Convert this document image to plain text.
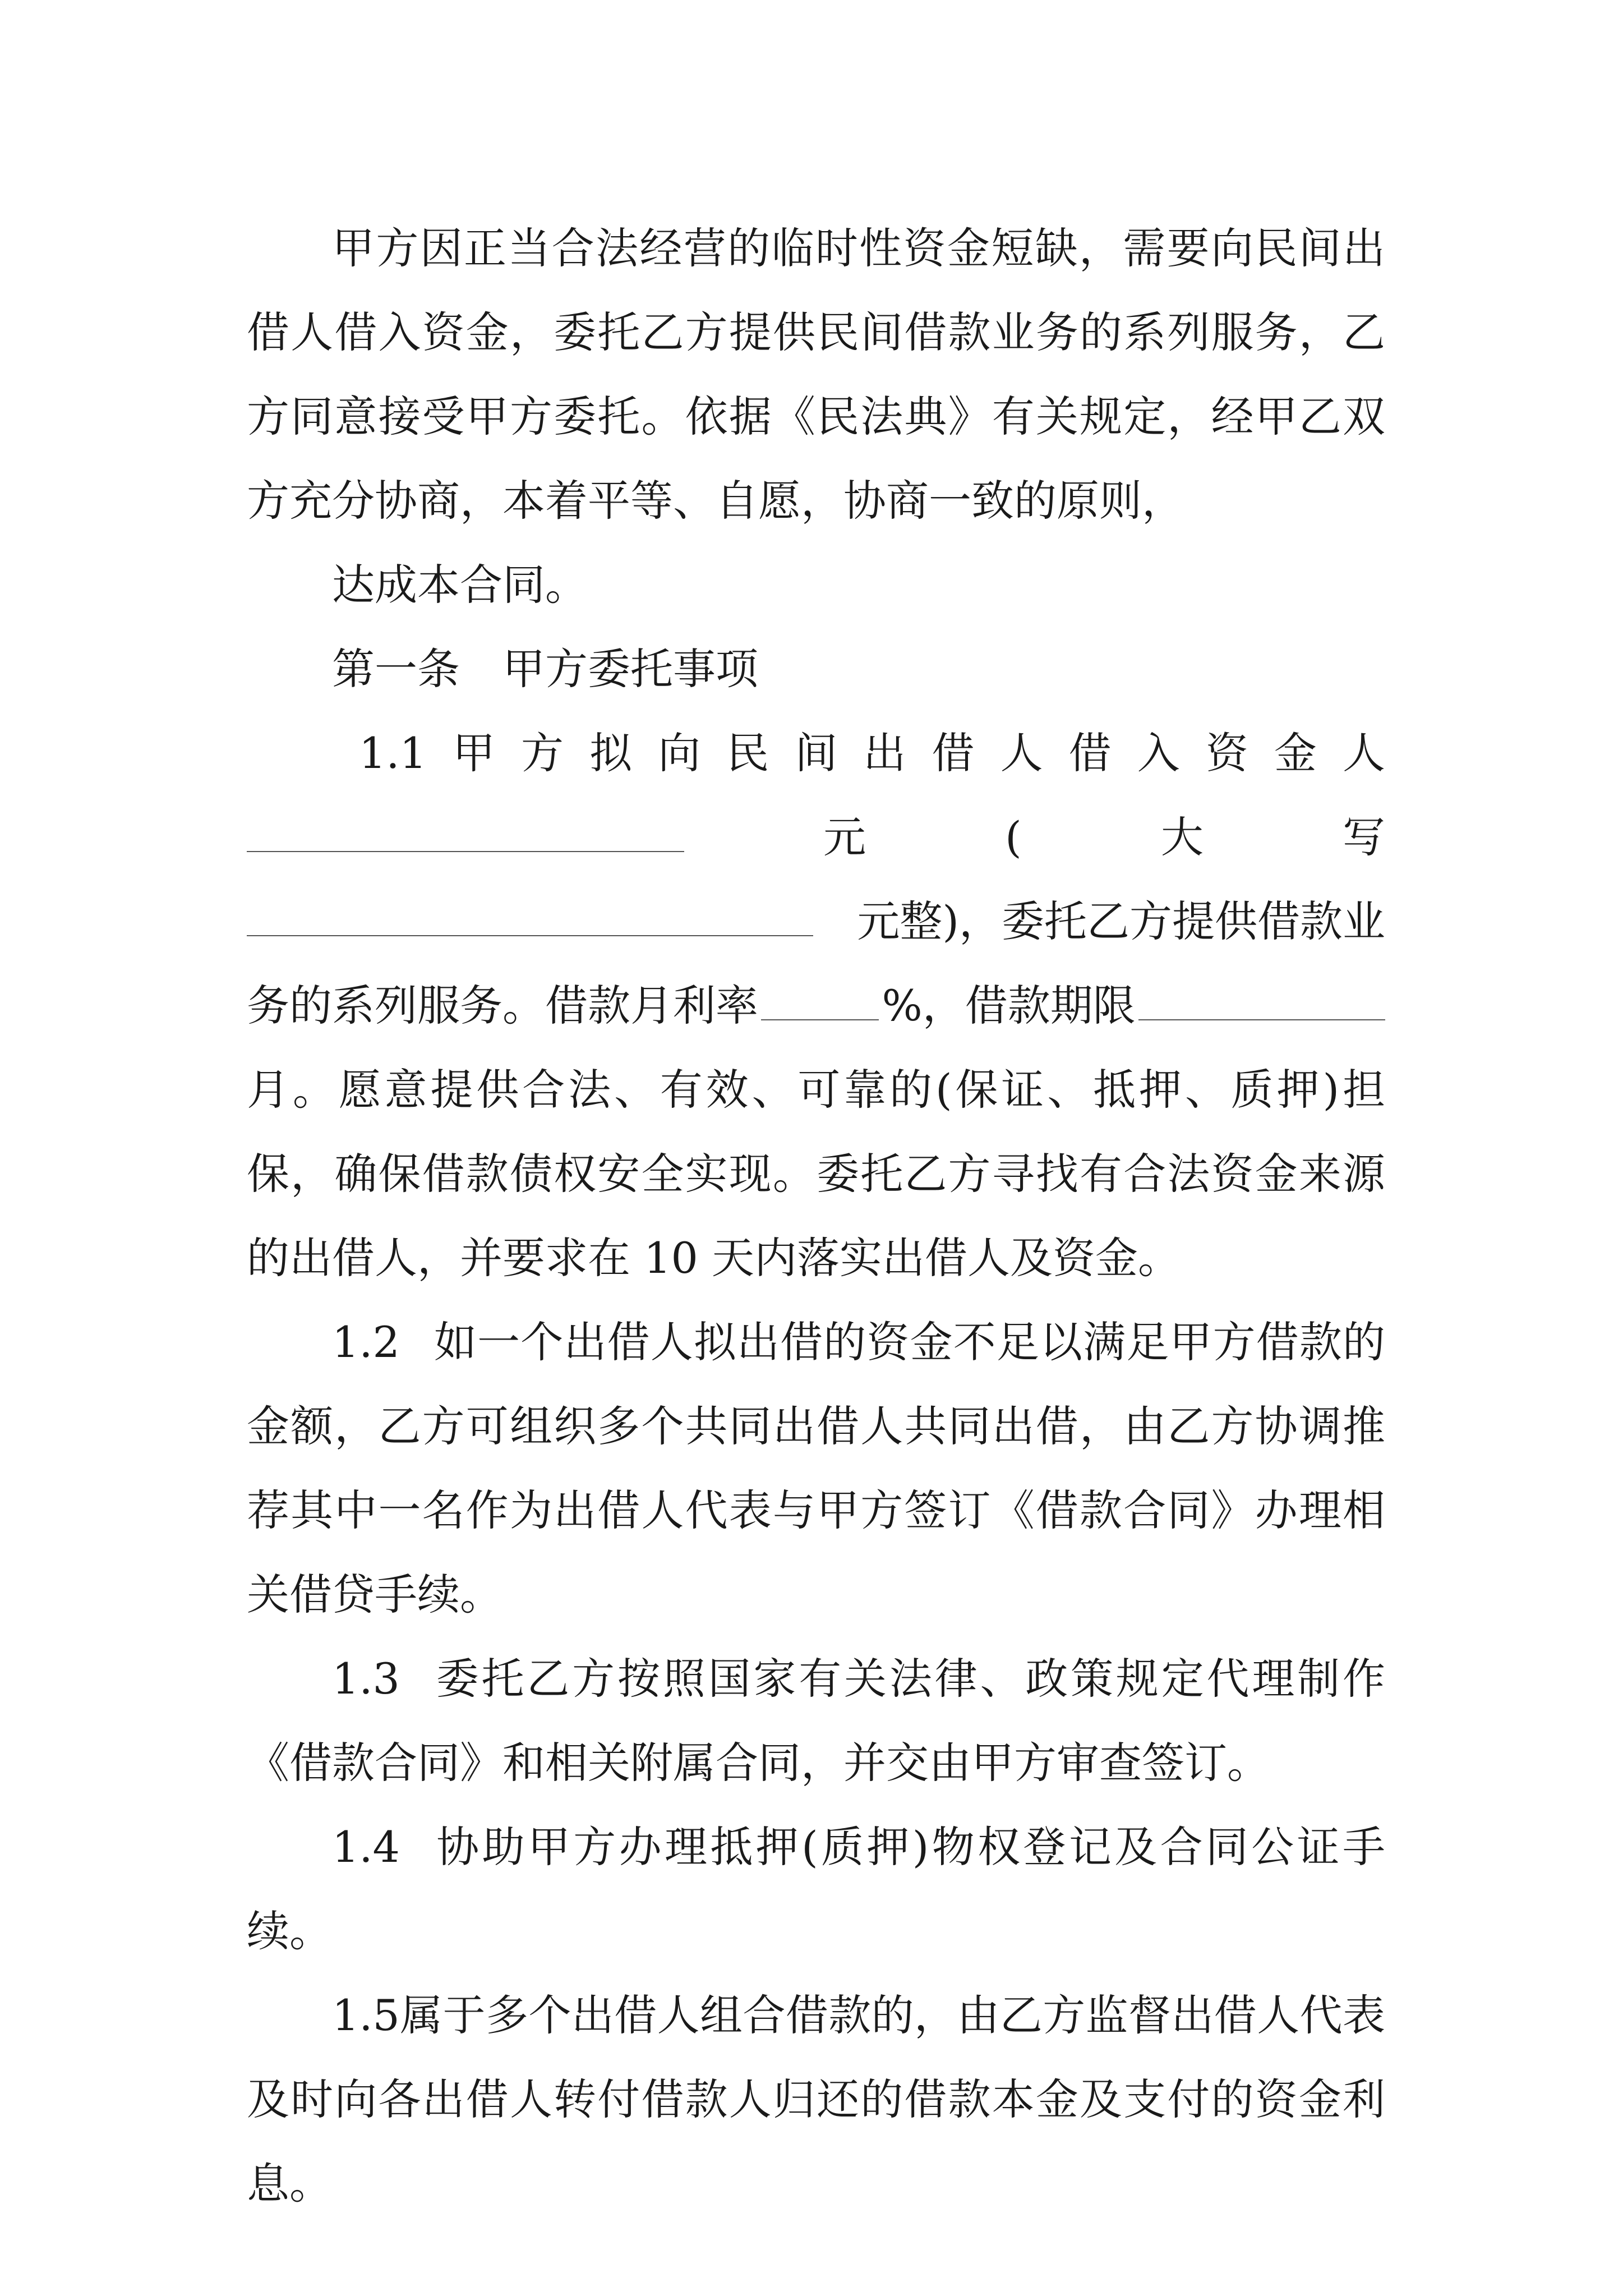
甲方因正当合法经营的临时性资金短缺，需要向民间出借人借入资金，委托乙方提供民间借款业务的系列服务，乙方同意接受甲方委托。依据《民法典》有关规定，经甲乙双方充分协商，本着平等、自愿，协商一致的原则，

达成本合同。

第一条 甲方委托事项

1.1 甲 方 拟 向 民 间 出 借 人 借 入 资 金 人
元	(	大	写
元整)，委托乙方提供借款业
务的系列服务。借款月利率	%，借款期限

月。愿意提供合法、有效、可靠的(保证、抵押、质押)担保，确保借款债权安全实现。委托乙方寻找有合法资金来源的出借人，并要求在 10 天内落实出借人及资金。

1.2 如一个出借人拟出借的资金不足以满足甲方借款的金额，乙方可组织多个共同出借人共同出借，由乙方协调推荐其中一名作为出借人代表与甲方签订《借款合同》办理相关借贷手续。

1.3 委托乙方按照国家有关法律、政策规定代理制作《借款合同》和相关附属合同，并交由甲方审查签订。

1.4 协助甲方办理抵押(质押)物权登记及合同公证手续。

1.5属于多个出借人组合借款的，由乙方监督出借人代表及时向各出借人转付借款人归还的借款本金及支付的资金利息。
